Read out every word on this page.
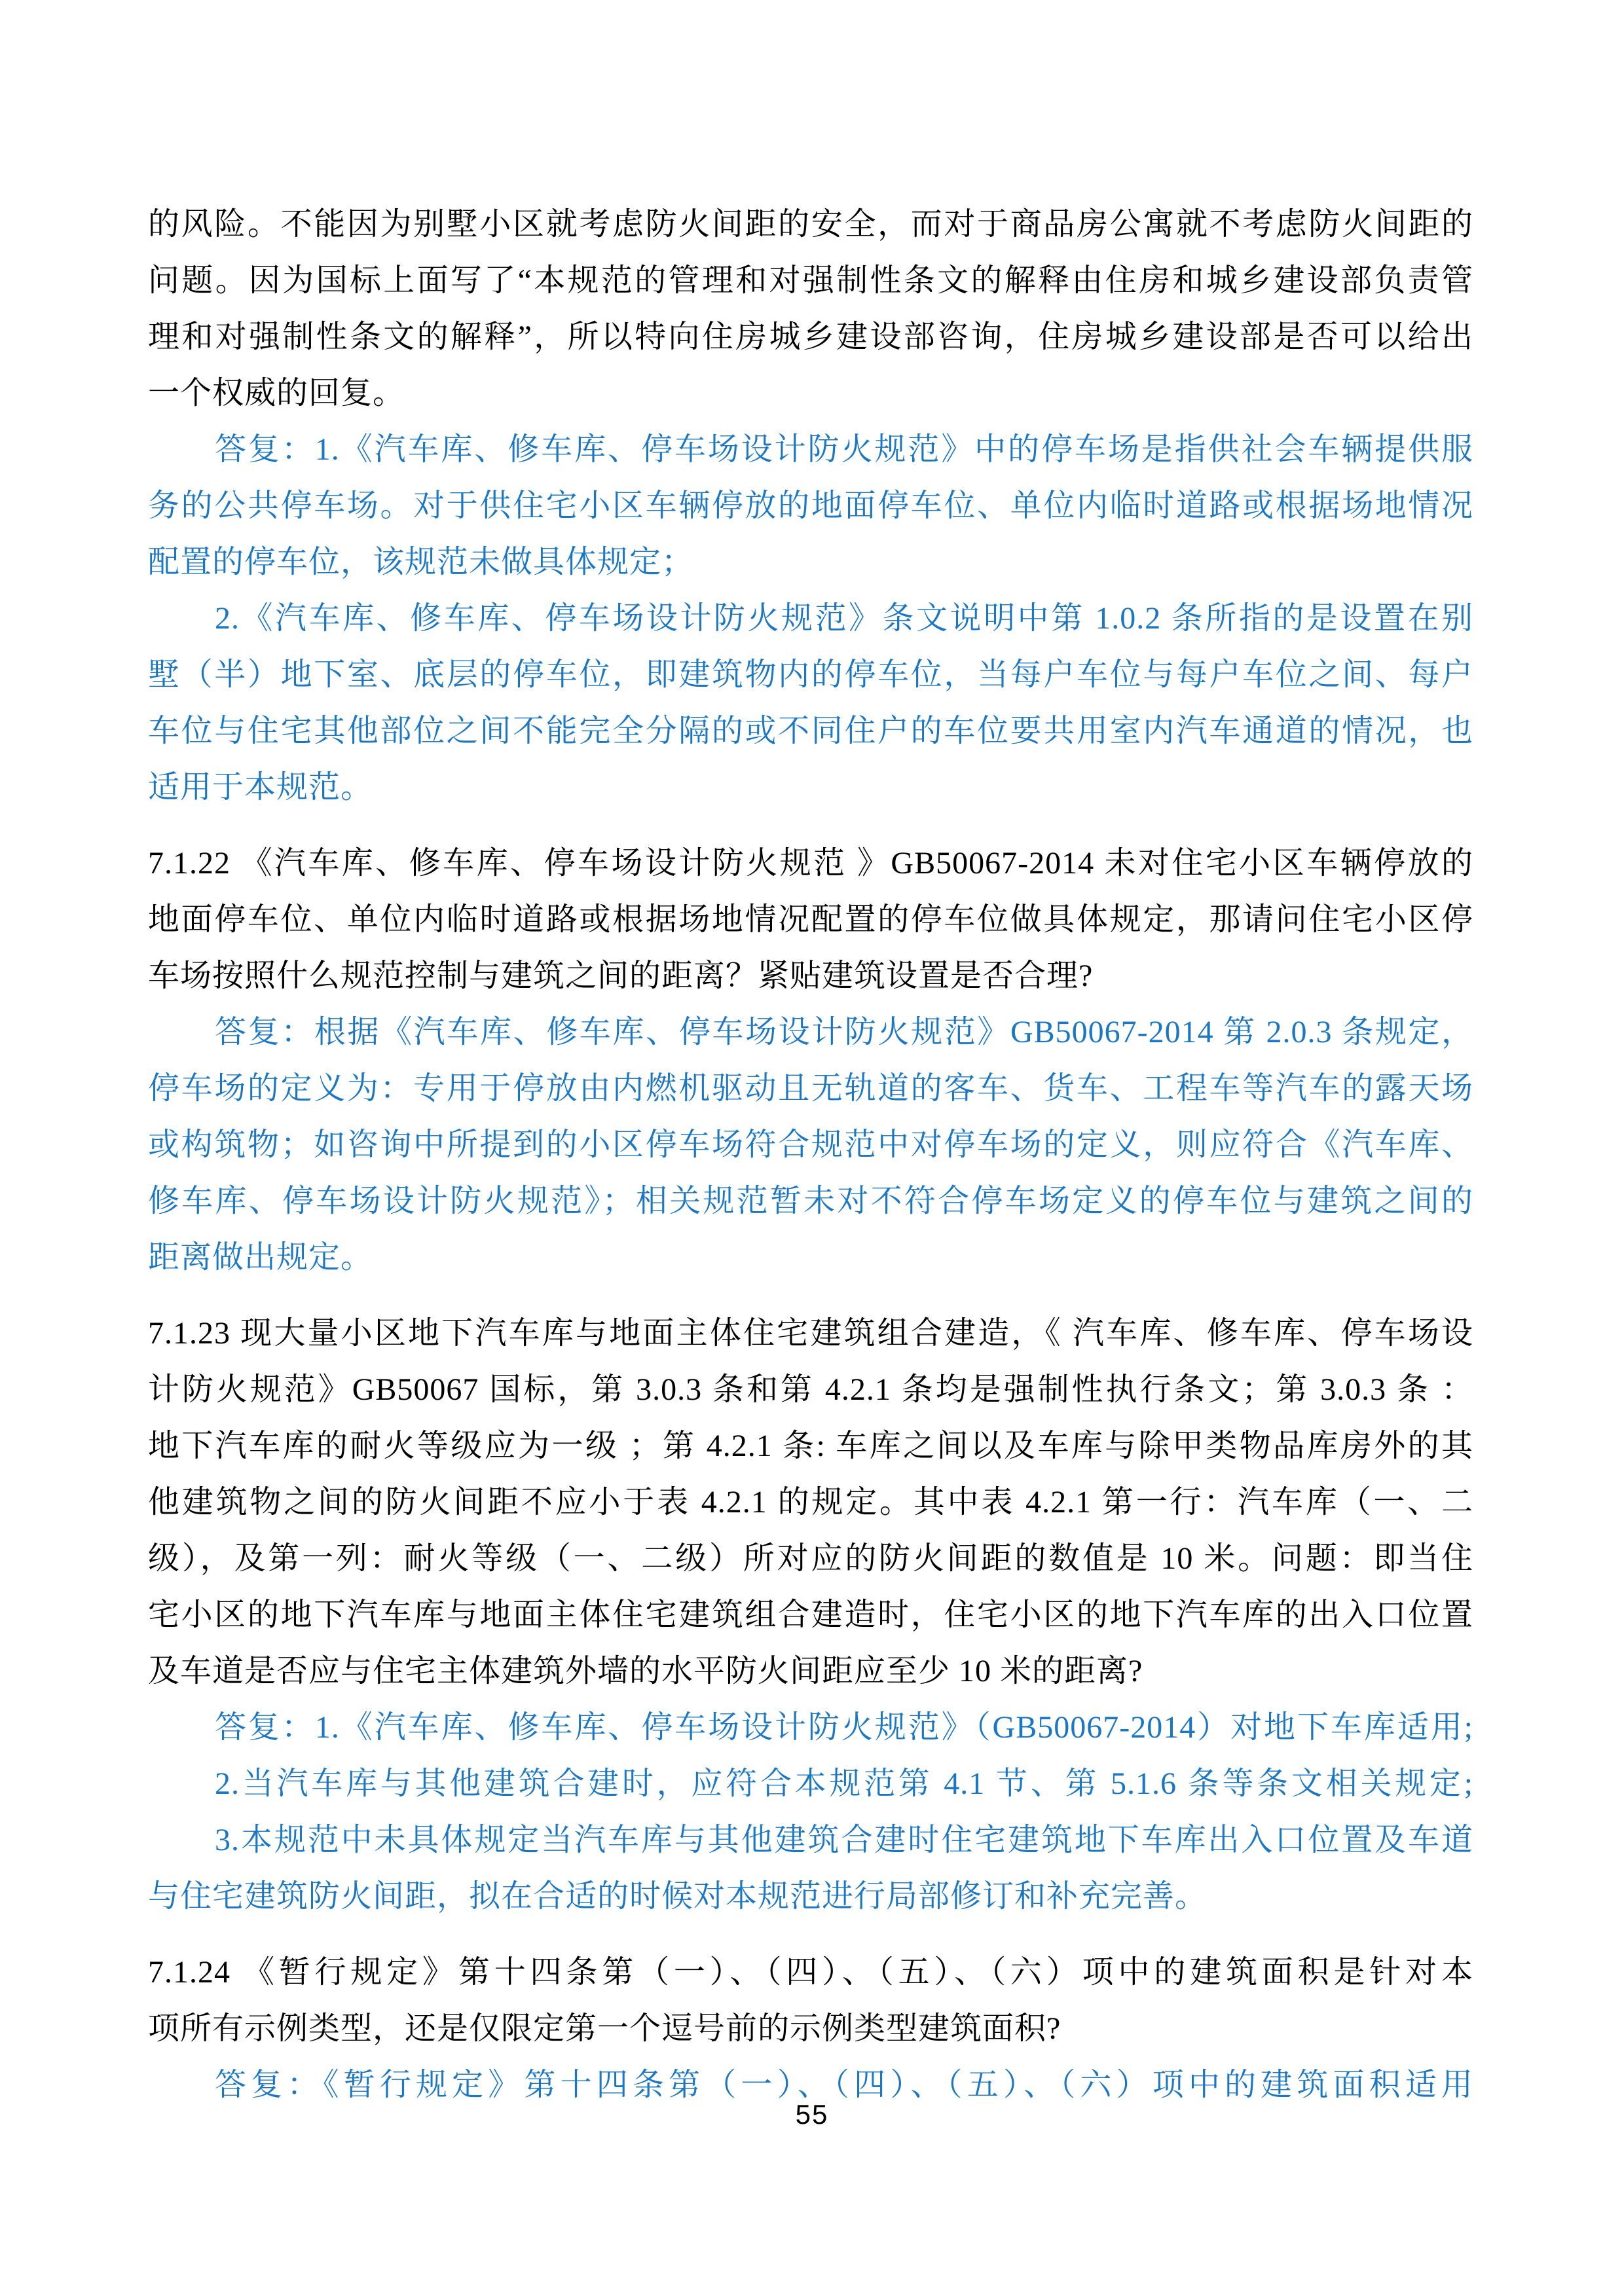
的风险。不能因为别墅小区就考虑防火间距的安全，而对于商品房公寓就不考虑防火间距的
问题。因为国标上面写了“本规范的管理和对强制性条文的解释由住房和城乡建设部负责管
理和对强制性条文的解释”，所以特向住房城乡建设部咨询，住房城乡建设部是否可以给出
一个权威的回复。
答复：1.《汽车库、修车库、停车场设计防火规范》中的停车场是指供社会车辆提供服
务的公共停车场。对于供住宅小区车辆停放的地面停车位、单位内临时道路或根据场地情况
配置的停车位，该规范未做具体规定；
2.《汽车库、修车库、停车场设计防火规范》条文说明中第 1.0.2 条所指的是设置在别
墅（半）地下室、底层的停车位，即建筑物内的停车位，当每户车位与每户车位之间、每户
车位与住宅其他部位之间不能完全分隔的或不同住户的车位要共用室内汽车通道的情况，也
适用于本规范。
7.1.22 《汽车库、修车库、停车场设计防火规范 》GB50067-2014 未对住宅小区车辆停放的
地面停车位、单位内临时道路或根据场地情况配置的停车位做具体规定，那请问住宅小区停
车场按照什么规范控制与建筑之间的距离？紧贴建筑设置是否合理?
答复：根据《汽车库、修车库、停车场设计防火规范》GB50067-2014 第 2.0.3 条规定，
停车场的定义为：专用于停放由内燃机驱动且无轨道的客车、货车、工程车等汽车的露天场
或构筑物；如咨询中所提到的小区停车场符合规范中对停车场的定义，则应符合《汽车库、
修车库、停车场设计防火规范》；相关规范暂未对不符合停车场定义的停车位与建筑之间的
距离做出规定。
7.1.23 现大量小区地下汽车库与地面主体住宅建筑组合建造，《 汽车库、修车库、停车场设
计防火规范》GB50067 国标，第 3.0.3 条和第 4.2.1 条均是强制性执行条文；第 3.0.3 条 ：
地下汽车库的耐火等级应为一级 ；第 4.2.1 条: 车库之间以及车库与除甲类物品库房外的其
他建筑物之间的防火间距不应小于表 4.2.1 的规定。其中表 4.2.1 第一行：汽车库（一、二
级），及第一列：耐火等级（一、二级）所对应的防火间距的数值是 10 米。问题：即当住
宅小区的地下汽车库与地面主体住宅建筑组合建造时，住宅小区的地下汽车库的出入口位置
及车道是否应与住宅主体建筑外墙的水平防火间距应至少 10 米的距离?
答复：1.《汽车库、修车库、停车场设计防火规范》（GB50067-2014）对地下车库适用;
2.当汽车库与其他建筑合建时，应符合本规范第 4.1 节、第 5.1.6 条等条文相关规定;
3.本规范中未具体规定当汽车库与其他建筑合建时住宅建筑地下车库出入口位置及车道
与住宅建筑防火间距，拟在合适的时候对本规范进行局部修订和补充完善。
7.1.24 《暂行规定》第十四条第（一）、（四）、（五）、（六）项中的建筑面积是针对本
项所有示例类型，还是仅限定第一个逗号前的示例类型建筑面积?
答复：《暂行规定》第十四条第（一）、（四）、（五）、（六）项中的建筑面积适用
55
